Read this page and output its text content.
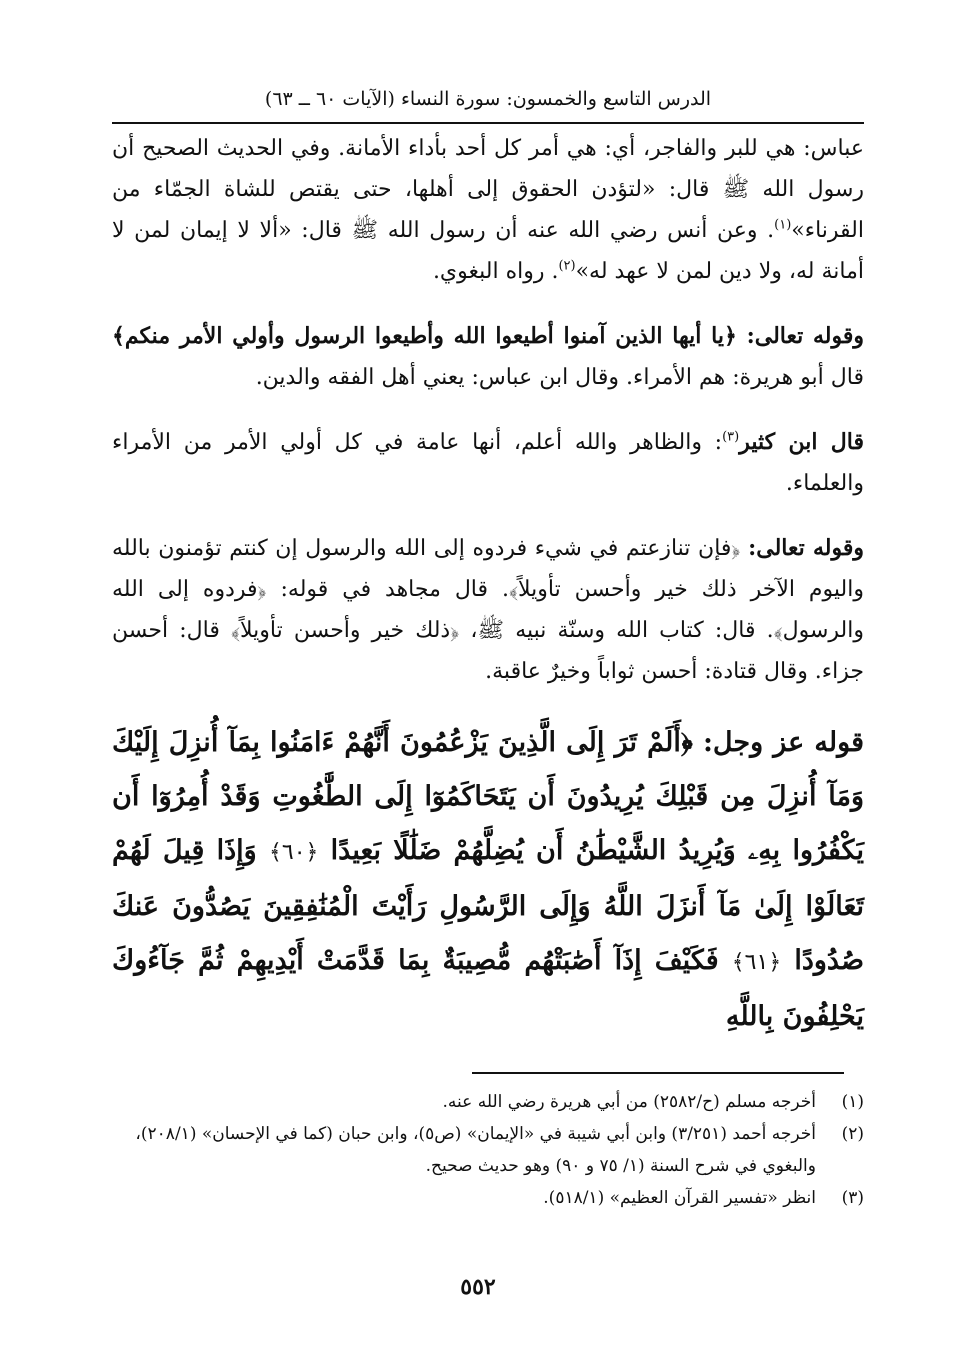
الدرس التاسع والخمسون: سورة النساء (الآيات ٦٠ ــ ٦٣)

عباس: هي للبر والفاجر، أي: هي أمر كل أحد بأداء الأمانة. وفي الحديث الصحيح أن رسول الله ﷺ قال: «لتؤدن الحقوق إلى أهلها، حتى يقتص للشاة الجمّاء من القرناء»$^{(١)}$. وعن أنس رضي الله عنه أن رسول الله ﷺ قال: «ألا لا إيمان لمن لا أمانة له، ولا دين لمن لا عهد له»$^{(٢)}$. رواه البغوي.

وقوله تعالى: ﴿يا أيها الذين آمنوا أطيعوا الله وأطيعوا الرسول وأولي الأمر منكم﴾ قال أبو هريرة: هم الأمراء. وقال ابن عباس: يعني أهل الفقه والدين.

قال ابن كثير$^{(٣)}$: والظاهر والله أعلم، أنها عامة في كل أولي الأمر من الأمراء والعلماء.

وقوله تعالى: ﴿فإن تنازعتم في شيء فردوه إلى الله والرسول إن كنتم تؤمنون بالله واليوم الآخر ذلك خير وأحسن تأويلاً﴾. قال مجاهد في قوله: ﴿فردوه إلى الله والرسول﴾. قال: كتاب الله وسنّة نبيه ﷺ، ﴿ذلك خير وأحسن تأويلاً﴾ قال: أحسن جزاء. وقال قتادة: أحسن ثواباً وخيرٌ عاقبة.

قوله عز وجل: ﴿أَلَمْ تَرَ إِلَى الَّذِينَ يَزْعُمُونَ أَنَّهُمْ ءَامَنُوا بِمَآ أُنزِلَ إِلَيْكَ وَمَآ أُنزِلَ مِن قَبْلِكَ يُرِيدُونَ أَن يَتَحَاكَمُوٓا إِلَى الطَّٰغُوتِ وَقَدْ أُمِرُوٓا أَن يَكْفُرُوا بِهِۦ وَيُرِيدُ الشَّيْطَٰنُ أَن يُضِلَّهُمْ ضَلَٰلًا بَعِيدًا ﴿٦٠﴾ وَإِذَا قِيلَ لَهُمْ تَعَالَوْا إِلَىٰ مَآ أَنزَلَ اللَّهُ وَإِلَى الرَّسُولِ رَأَيْتَ الْمُنَٰفِقِينَ يَصُدُّونَ عَنكَ صُدُودًا ﴿٦١﴾ فَكَيْفَ إِذَآ أَصَٰبَتْهُم مُّصِيبَةٌ بِمَا قَدَّمَتْ أَيْدِيهِمْ ثُمَّ جَآءُوكَ يَحْلِفُونَ بِاللَّهِ

(١)
أخرجه مسلم (ح/٢٥٨٢) من أبي هريرة رضي الله عنه.
(٢)
أخرجه أحمد (٣/٢٥١) وابن أبي شيبة في «الإيمان» (ص٥)، وابن حبان (كما في الإحسان» (٢٠٨/١)، والبغوي في شرح السنة (١/ ٧٥ و ٩٠) وهو حديث صحيح.
(٣)
انظر «تفسير القرآن العظيم» (٥١٨/١).
٥٥٢
